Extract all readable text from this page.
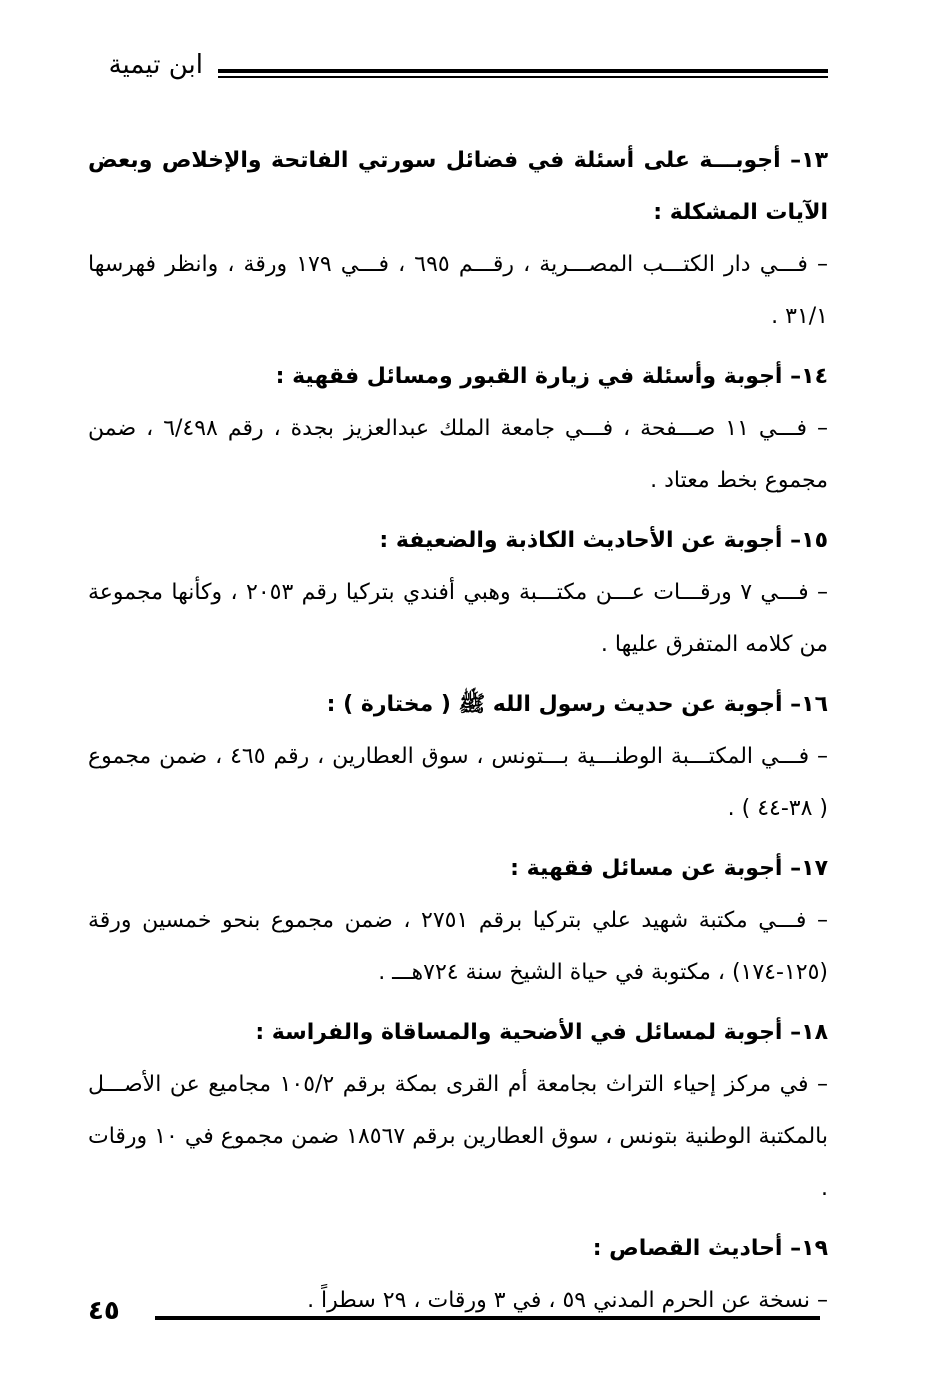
ابن تيمية

١٣– أجوبـــة على أسئلة في فضائل سورتي الفاتحة والإخلاص وبعض الآيات المشكلة :

– فـــي دار الكتـــب المصـــرية ، رقـــم ٦٩٥ ، فـــي ١٧٩ ورقة ، وانظر فهرسها ٣١/١ .

١٤– أجوبة وأسئلة في زيارة القبور ومسائل فقهية :

– فـــي ١١ صـــفحة ، فـــي جامعة الملك عبدالعزيز بجدة ، رقم ٦/٤٩٨ ، ضمن مجموع بخط معتاد .

١٥– أجوبة عن الأحاديث الكاذبة والضعيفة :

– فـــي ٧ ورقـــات عـــن مكتـــبة وهبي أفندي بتركيا رقم ٢٠٥٣ ، وكأنها مجموعة من كلامه المتفرق عليها .

١٦– أجوبة عن حديث رسول الله ﷺ ( مختارة ) :

– فـــي المكتـــبة الوطنـــية بـــتونس ، سوق العطارين ، رقم ٤٦٥ ، ضمن مجموع ( ٣٨-٤٤ ) .

١٧– أجوبة عن مسائل فقهية :

– فـــي مكتبة شهيد علي بتركيا برقم ٢٧٥١ ، ضمن مجموع بنحو خمسين ورقة (١٢٥-١٧٤) ، مكتوبة في حياة الشيخ سنة ٧٢٤هـــ .

١٨– أجوبة لمسائل في الأضحية والمساقاة والفراسة :

– في مركز إحياء التراث بجامعة أم القرى بمكة برقم ١٠٥/٢ مجاميع عن الأصـــل بالمكتبة الوطنية بتونس ، سوق العطارين برقم ١٨٥٦٧ ضمن مجموع في ١٠ ورقات .

١٩– أحاديث القصاص :

– نسخة عن الحرم المدني ٥٩ ، في ٣ ورقات ، ٢٩ سطراً .

٤٥
